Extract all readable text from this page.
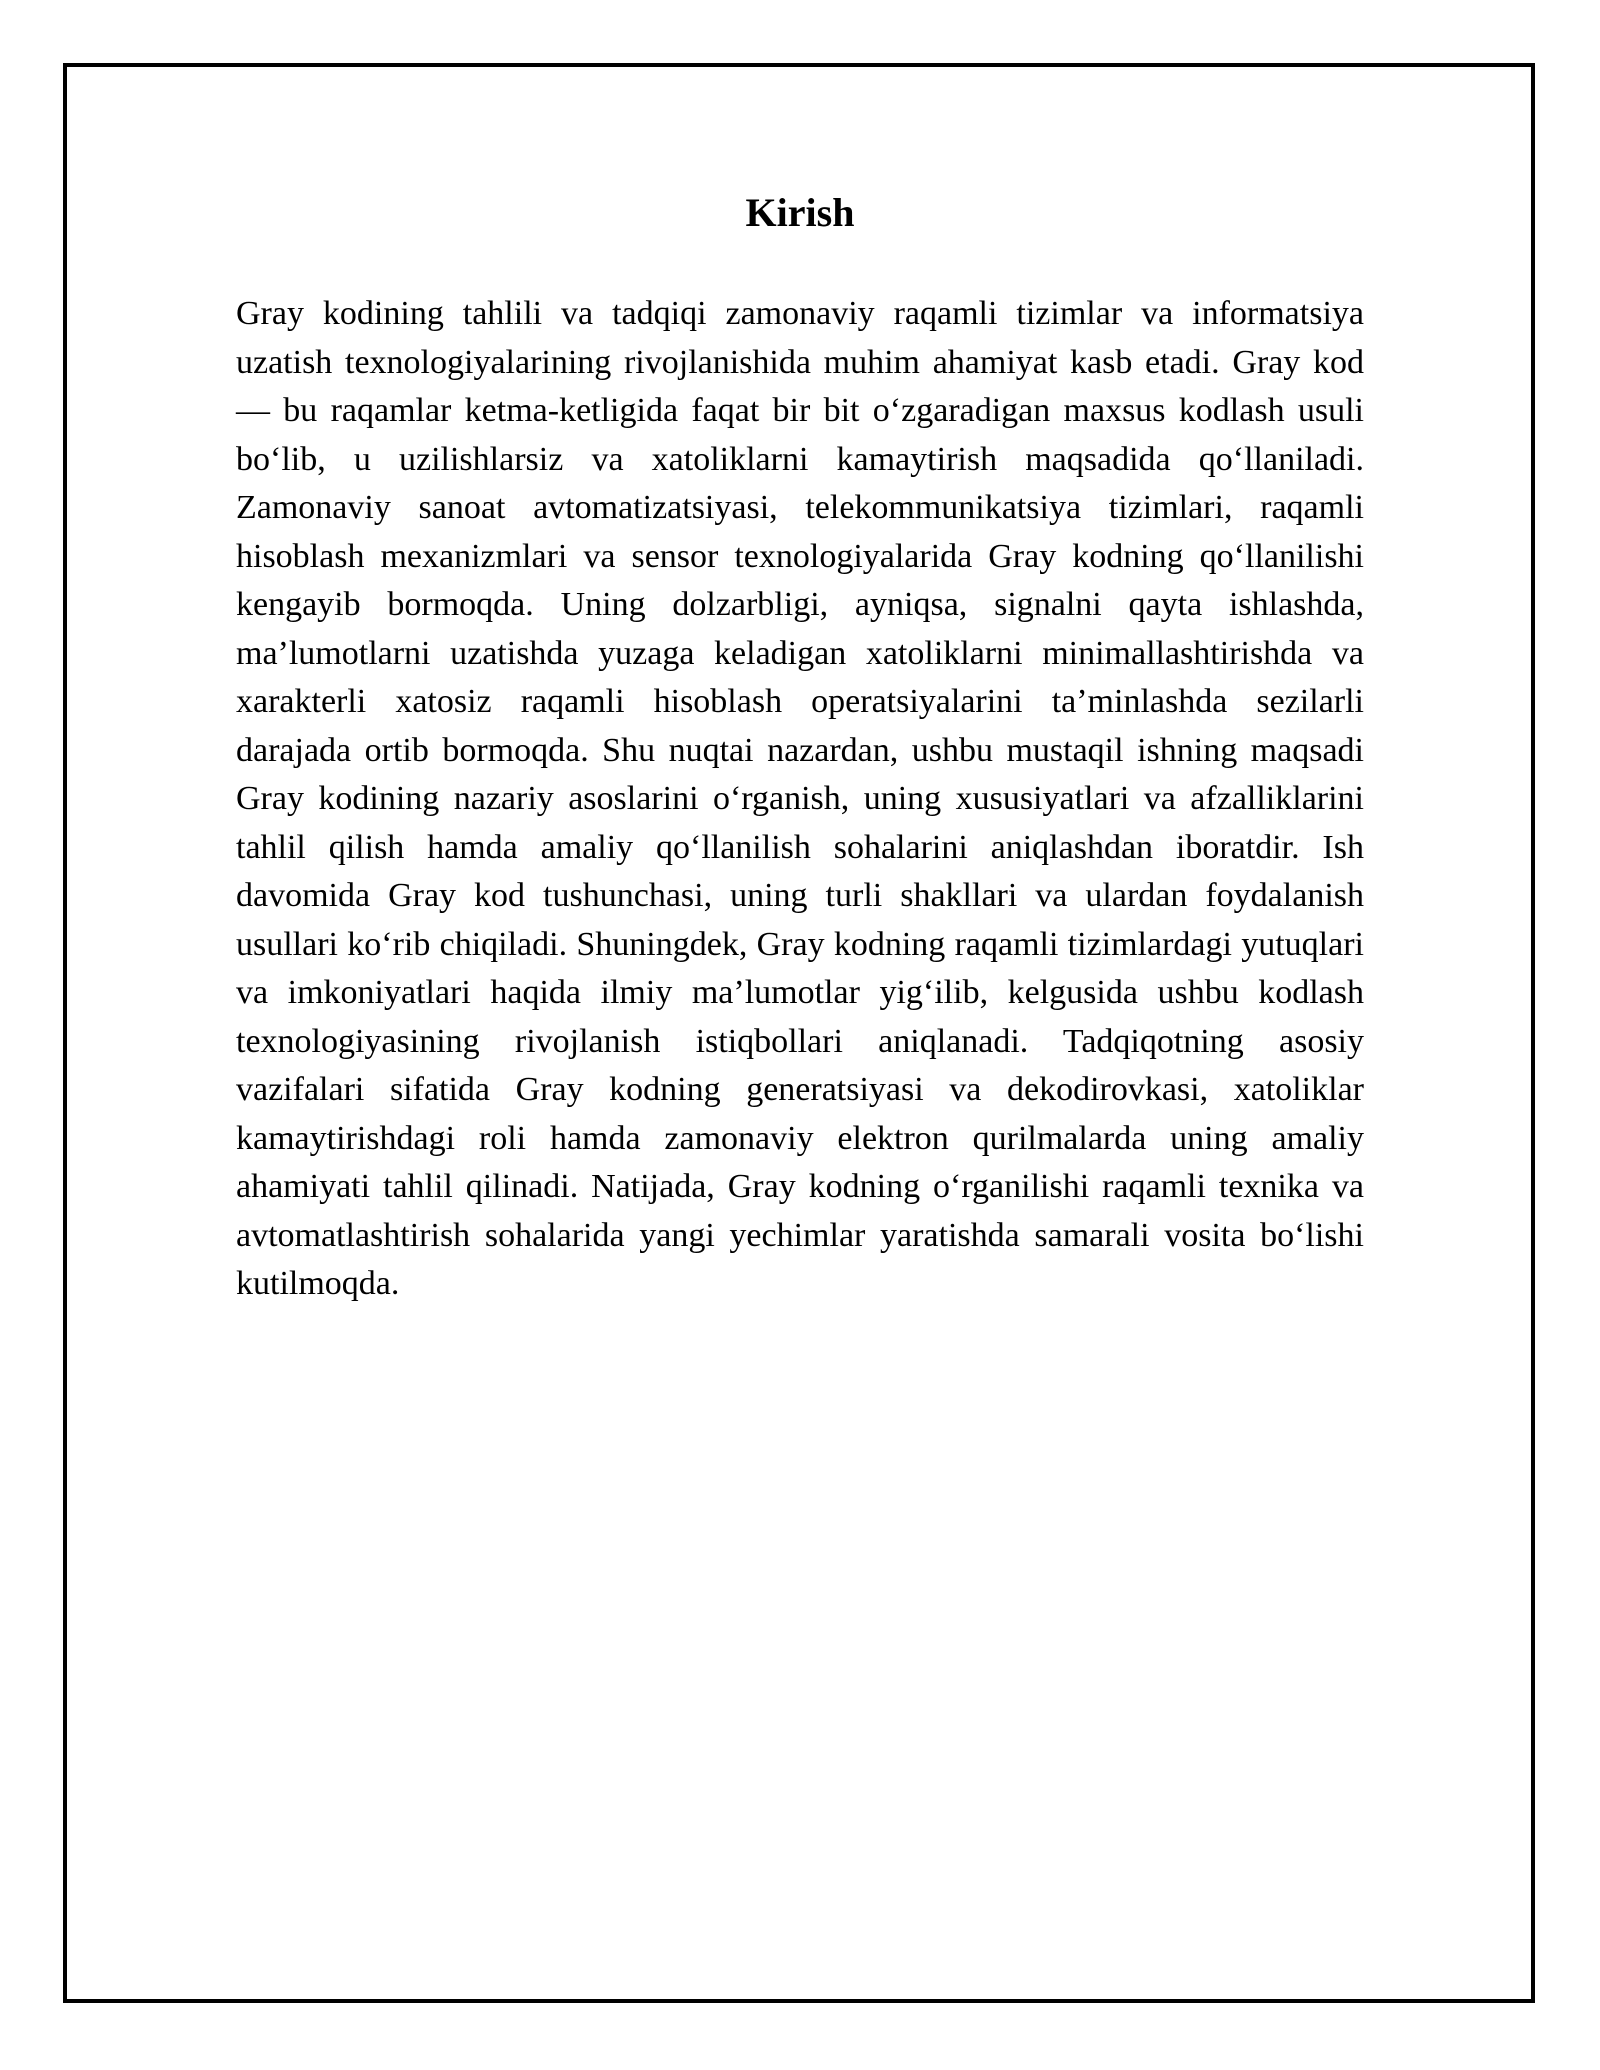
Kirish

Gray kodining tahlili va tadqiqi zamonaviy raqamli tizimlar va informatsiya uzatish texnologiyalarining rivojlanishida muhim ahamiyat kasb etadi. Gray kod — bu raqamlar ketma-ketligida faqat bir bit o‘zgaradigan maxsus kodlash usuli bo‘lib, u uzilishlarsiz va xatoliklarni kamaytirish maqsadida qo‘llaniladi. Zamonaviy sanoat avtomatizatsiyasi, telekommunikatsiya tizimlari, raqamli hisoblash mexanizmlari va sensor texnologiyalarida Gray kodning qo‘llanilishi kengayib bormoqda. Uning dolzarbligi, ayniqsa, signalni qayta ishlashda, ma’lumotlarni uzatishda yuzaga keladigan xatoliklarni minimallashtirishda va xarakterli xatosiz raqamli hisoblash operatsiyalarini ta’minlashda sezilarli darajada ortib bormoqda. Shu nuqtai nazardan, ushbu mustaqil ishning maqsadi Gray kodining nazariy asoslarini o‘rganish, uning xususiyatlari va afzalliklarini tahlil qilish hamda amaliy qo‘llanilish sohalarini aniqlashdan iboratdir. Ish davomida Gray kod tushunchasi, uning turli shakllari va ulardan foydalanish usullari ko‘rib chiqiladi. Shuningdek, Gray kodning raqamli tizimlardagi yutuqlari va imkoniyatlari haqida ilmiy ma’lumotlar yig‘ilib, kelgusida ushbu kodlash texnologiyasining rivojlanish istiqbollari aniqlanadi. Tadqiqotning asosiy vazifalari sifatida Gray kodning generatsiyasi va dekodirovkasi, xatoliklar kamaytirishdagi roli hamda zamonaviy elektron qurilmalarda uning amaliy ahamiyati tahlil qilinadi. Natijada, Gray kodning o‘rganilishi raqamli texnika va avtomatlashtirish sohalarida yangi yechimlar yaratishda samarali vosita bo‘lishi kutilmoqda.
